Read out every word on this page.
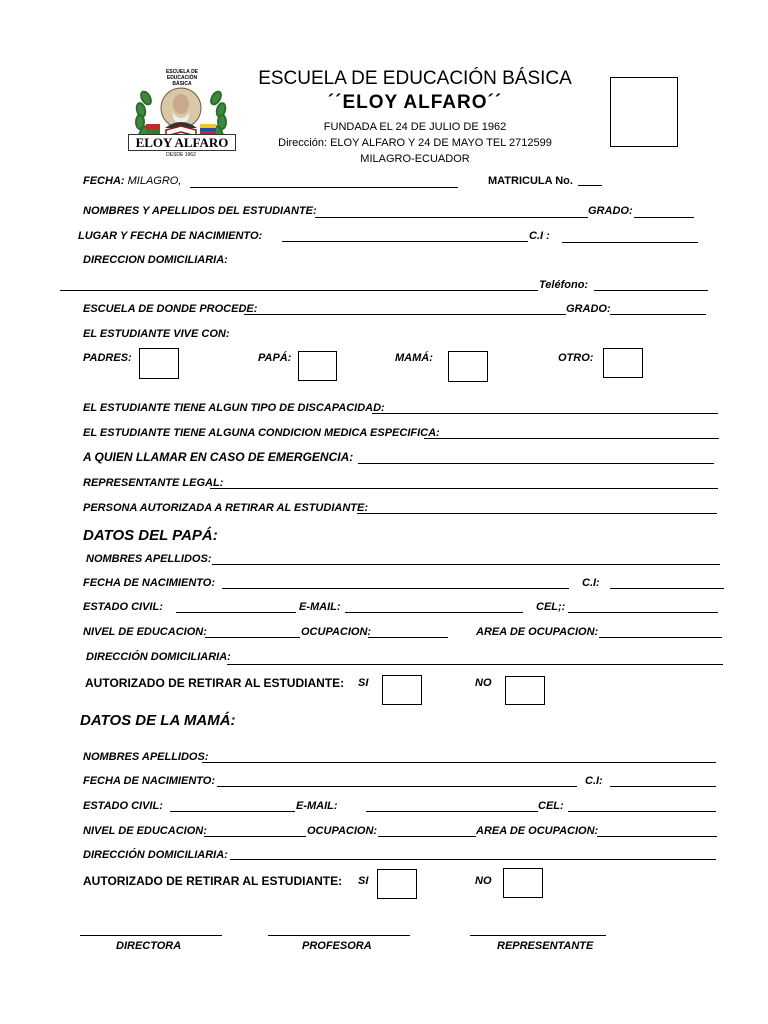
ESCUELA DE EDUCACIÓN BÁSICA
ELOY ALFARO
DESDE 1962
ESCUELA DE EDUCACIÓN BÁSICA
´´ELOY ALFARO´´
FUNDADA EL 24 DE JULIO DE 1962
Dirección: ELOY ALFARO Y 24 DE MAYO TEL 2712599
MILAGRO-ECUADOR
FECHA: MILAGRO,	MATRICULA No.
NOMBRES Y APELLIDOS DEL ESTUDIANTE:	GRADO:
LUGAR Y FECHA DE NACIMIENTO:	C.I :
DIRECCION DOMICILIARIA:
Teléfono:
ESCUELA DE DONDE PROCEDE:	GRADO:
EL ESTUDIANTE VIVE CON:
PADRES:	PAPÁ:	MAMÁ:	OTRO:
EL ESTUDIANTE TIENE ALGUN TIPO DE DISCAPACIDAD:
EL ESTUDIANTE TIENE ALGUNA CONDICION MEDICA ESPECIFICA:
A QUIEN LLAMAR EN CASO DE EMERGENCIA:
REPRESENTANTE LEGAL:
PERSONA AUTORIZADA A RETIRAR AL ESTUDIANTE:
DATOS DEL PAPÁ:
NOMBRES APELLIDOS:
FECHA DE NACIMIENTO:	C.I:
ESTADO CIVIL:	E-MAIL:	CEL;:
NIVEL DE EDUCACION:	OCUPACION:	AREA DE OCUPACION:
DIRECCIÓN DOMICILIARIA:
AUTORIZADO DE RETIRAR AL ESTUDIANTE: SI	NO
DATOS DE LA MAMÁ:
NOMBRES APELLIDOS:
FECHA DE NACIMIENTO:	C.I:
ESTADO CIVIL:	E-MAIL:	CEL:
NIVEL DE EDUCACION:	OCUPACION:	AREA DE OCUPACION:
DIRECCIÓN DOMICILIARIA:
AUTORIZADO DE RETIRAR AL ESTUDIANTE: SI	NO
DIRECTORA	PROFESORA	REPRESENTANTE
